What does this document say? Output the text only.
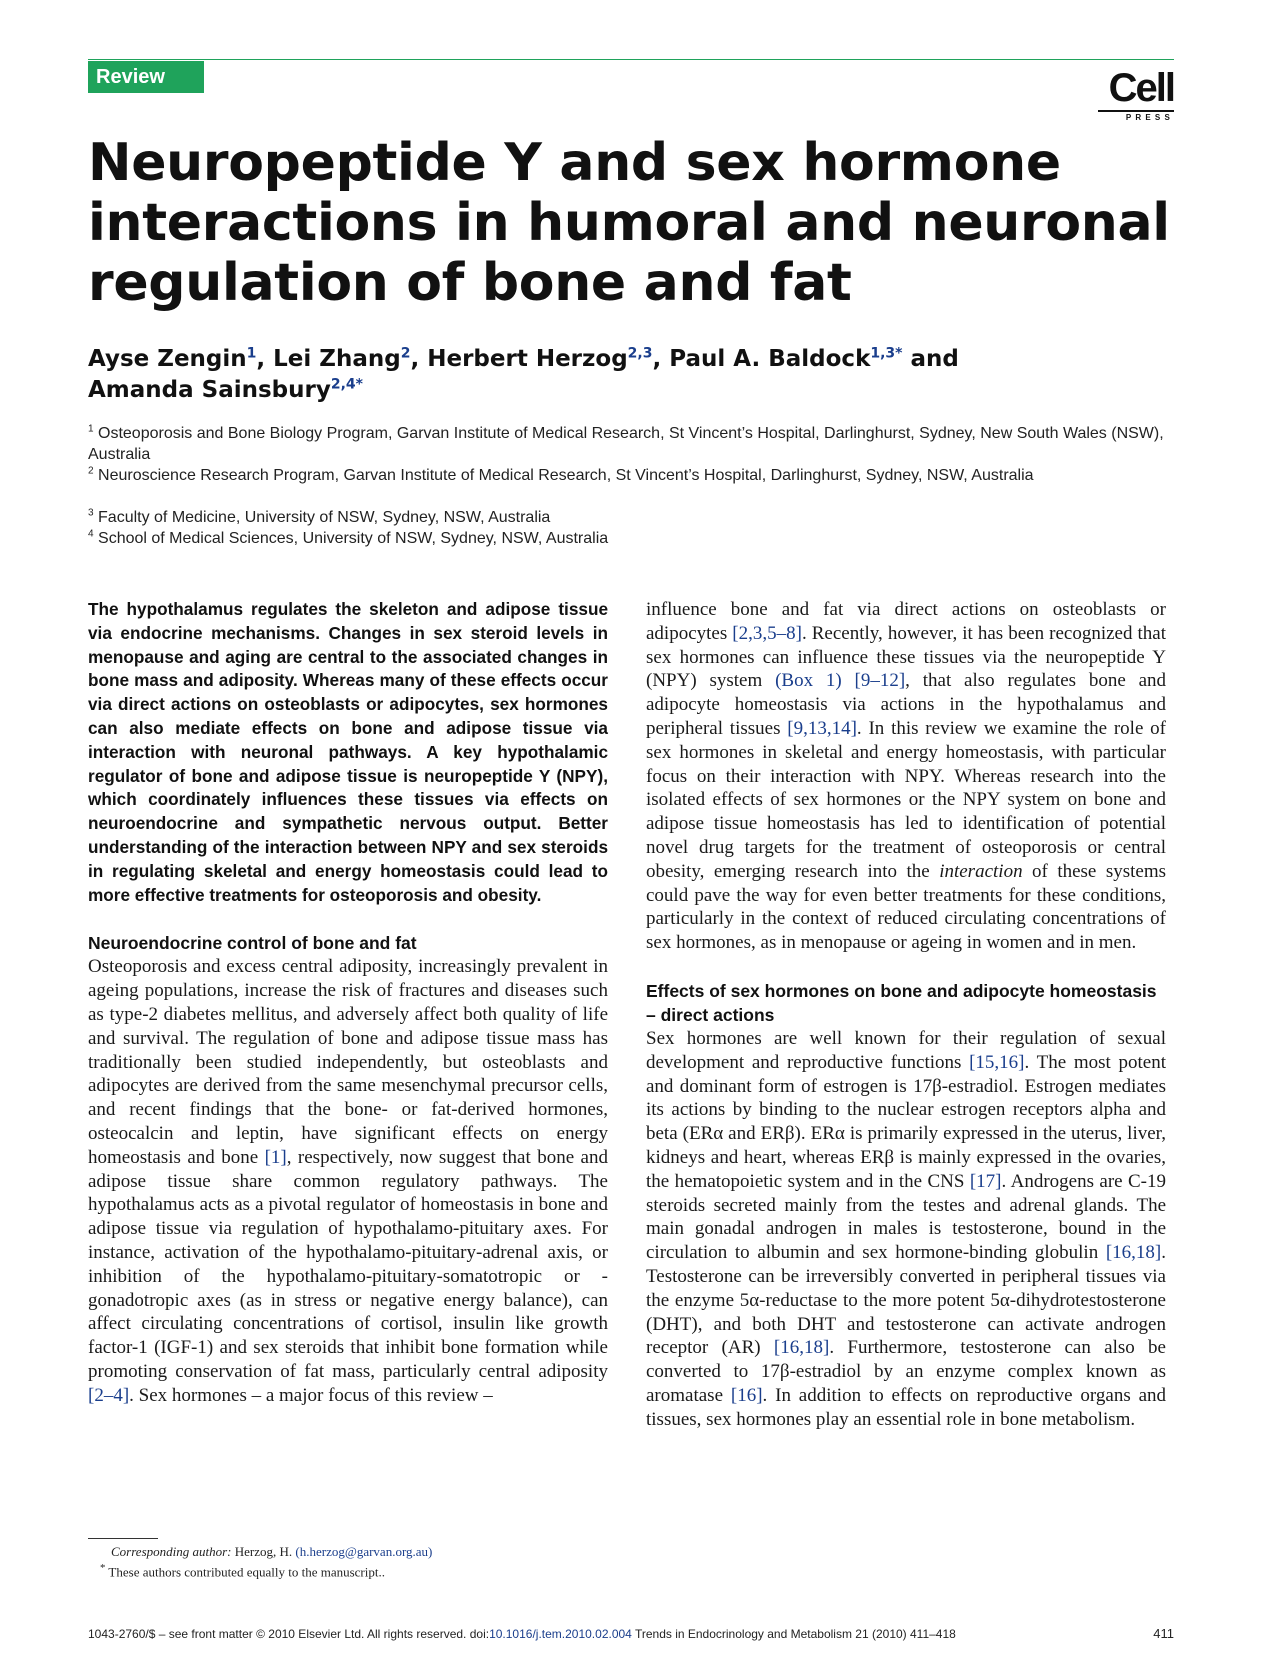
Review	Cell
PRESS
Neuropeptide Y and sex hormone interactions in humoral and neuronal regulation of bone and fat

Ayse Zengin$^1$, Lei Zhang$^2$, Herbert Herzog$^{2,3}$, Paul A. Baldock$^{1,3*}$ and
Amanda Sainsbury$^{2,4*}$

$^1$ Osteoporosis and Bone Biology Program, Garvan Institute of Medical Research, St Vincent’s Hospital, Darlinghurst, Sydney, New South Wales (NSW), Australia

$^2$ Neuroscience Research Program, Garvan Institute of Medical Research, St Vincent’s Hospital, Darlinghurst, Sydney, NSW, Australia

$^3$ Faculty of Medicine, University of NSW, Sydney, NSW, Australia

$^4$ School of Medical Sciences, University of NSW, Sydney, NSW, Australia

The hypothalamus regulates the skeleton and adipose tissue via endocrine mechanisms. Changes in sex steroid levels in menopause and aging are central to the associated changes in bone mass and adiposity. Whereas many of these effects occur via direct actions on osteoblasts or adipocytes, sex hormones can also mediate effects on bone and adipose tissue via interaction with neuronal pathways. A key hypothalamic regulator of bone and adipose tissue is neuropeptide Y (NPY), which coordinately influences these tissues via effects on neuroendocrine and sympathetic nervous output. Better understanding of the interaction between NPY and sex steroids in regulating skeletal and energy homeostasis could lead to more effective treatments for osteoporosis and obesity.

Neuroendocrine control of bone and fat

Osteoporosis and excess central adiposity, increasingly prevalent in ageing populations, increase the risk of fractures and diseases such as type-2 diabetes mellitus, and adversely affect both quality of life and survival. The regulation of bone and adipose tissue mass has traditionally been studied independently, but osteoblasts and adipocytes are derived from the same mesenchymal precursor cells, and recent findings that the bone- or fat-derived hormones, osteocalcin and leptin, have significant effects on energy homeostasis and bone [1], respectively, now suggest that bone and adipose tissue share common regulatory pathways. The hypothalamus acts as a pivotal regulator of homeostasis in bone and adipose tissue via regulation of hypothalamo-pituitary axes. For instance, activation of the hypothalamo-pituitary-adrenal axis, or inhibition of the hypothalamo-pituitary-somatotropic or -gonadotropic axes (as in stress or negative energy balance), can affect circulating concentrations of cortisol, insulin like growth factor-1 (IGF-1) and sex steroids that inhibit bone formation while promoting conservation of fat mass, particularly central adiposity [2–4]. Sex hormones – a major focus of this review –

influence bone and fat via direct actions on osteoblasts or adipocytes [2,3,5–8]. Recently, however, it has been recognized that sex hormones can influence these tissues via the neuropeptide Y (NPY) system (Box 1) [9–12], that also regulates bone and adipocyte homeostasis via actions in the hypothalamus and peripheral tissues [9,13,14]. In this review we examine the role of sex hormones in skeletal and energy homeostasis, with particular focus on their interaction with NPY. Whereas research into the isolated effects of sex hormones or the NPY system on bone and adipose tissue homeostasis has led to identification of potential novel drug targets for the treatment of osteoporosis or central obesity, emerging research into the interaction of these systems could pave the way for even better treatments for these conditions, particularly in the context of reduced circulating concentrations of sex hormones, as in menopause or ageing in women and in men.

Effects of sex hormones on bone and adipocyte homeostasis – direct actions

Sex hormones are well known for their regulation of sexual development and reproductive functions [15,16]. The most potent and dominant form of estrogen is 17β-estradiol. Estrogen mediates its actions by binding to the nuclear estrogen receptors alpha and beta (ERα and ERβ). ERα is primarily expressed in the uterus, liver, kidneys and heart, whereas ERβ is mainly expressed in the ovaries, the hematopoietic system and in the CNS [17]. Androgens are C-19 steroids secreted mainly from the testes and adrenal glands. The main gonadal androgen in males is testosterone, bound in the circulation to albumin and sex hormone-binding globulin [16,18]. Testosterone can be irreversibly converted in peripheral tissues via the enzyme 5α-reductase to the more potent 5α-dihydrotestosterone (DHT), and both DHT and testosterone can activate androgen receptor (AR) [16,18]. Furthermore, testosterone can also be converted to 17β-estradiol by an enzyme complex known as aromatase [16]. In addition to effects on reproductive organs and tissues, sex hormones play an essential role in bone metabolism.

Corresponding author: Herzog, H. (h.herzog@garvan.org.au)
* These authors contributed equally to the manuscript..
1043-2760/$ – see front matter © 2010 Elsevier Ltd. All rights reserved. doi:10.1016/j.tem.2010.02.004 Trends in Endocrinology and Metabolism 21 (2010) 411–418	411
